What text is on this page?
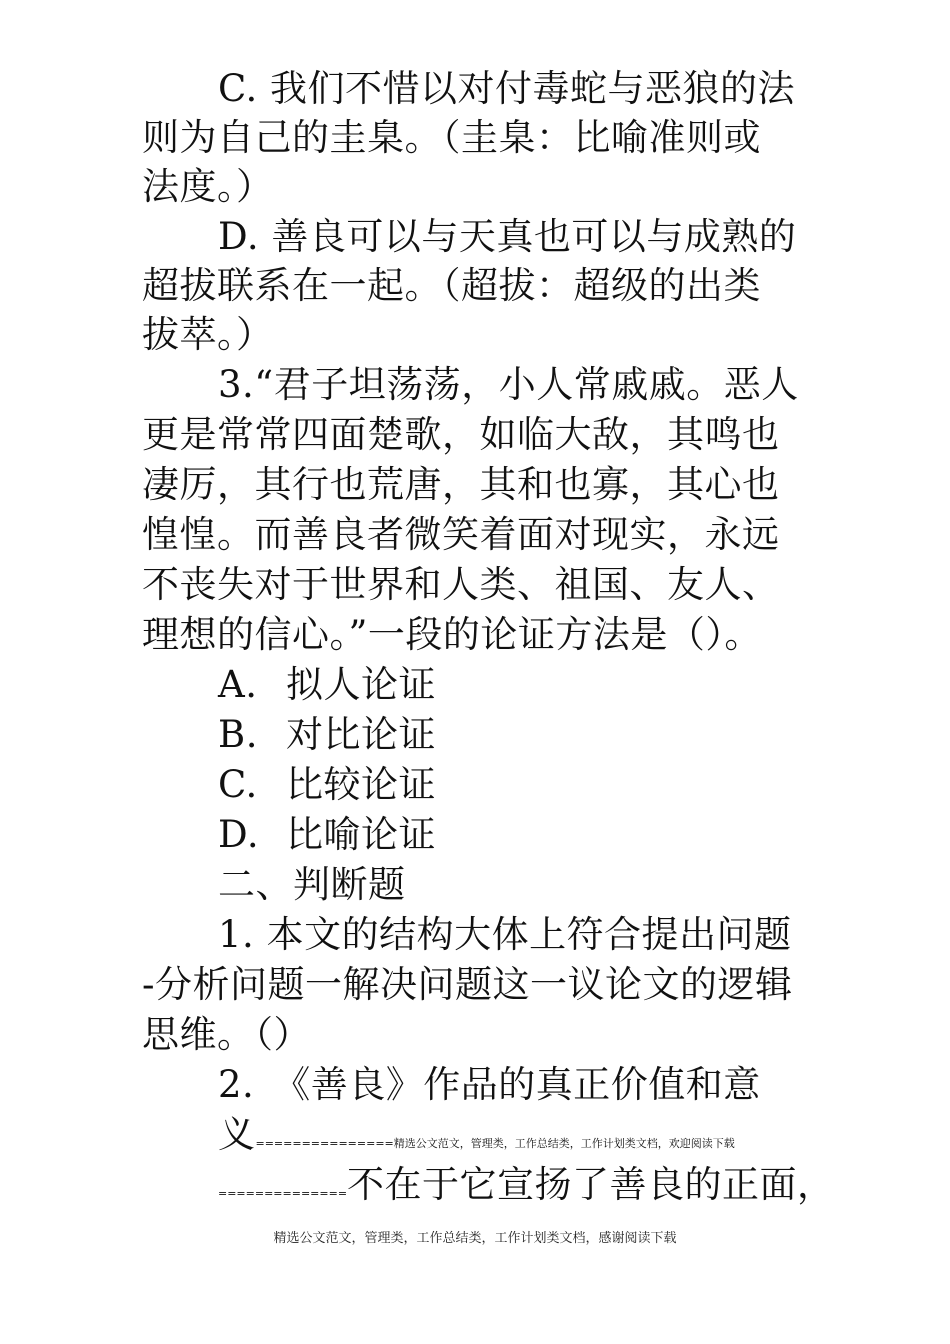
C. 我们不惜以对付毒蛇与恶狼的法
则为自己的圭臬。（圭臬：比喻准则或
法度。）
D. 善良可以与天真也可以与成熟的
超拔联系在一起。（超拔：超级的出类
拔萃。）
3.“君子坦荡荡，小人常戚戚。恶人
更是常常四面楚歌，如临大敌，其鸣也
凄厉，其行也荒唐，其和也寡，其心也
惶惶。而善良者微笑着面对现实，永远
不丧失对于世界和人类、祖国、友人、
理想的信心。”一段的论证方法是（）。
A. 拟人论证
B. 对比论证
C. 比较论证
D. 比喻论证
二、判断题
1. 本文的结构大体上符合提出问题
-分析问题一解决问题这一议论文的逻辑
思维。（）
2.　《善良》作品的真正价值和意
义===============精选公文范文，管理类，工作总结类，工作计划类文档，欢迎阅读下载
==============不在于它宣扬了善良的正面，
精选公文范文，管理类，工作总结类，工作计划类文档，感谢阅读下载
